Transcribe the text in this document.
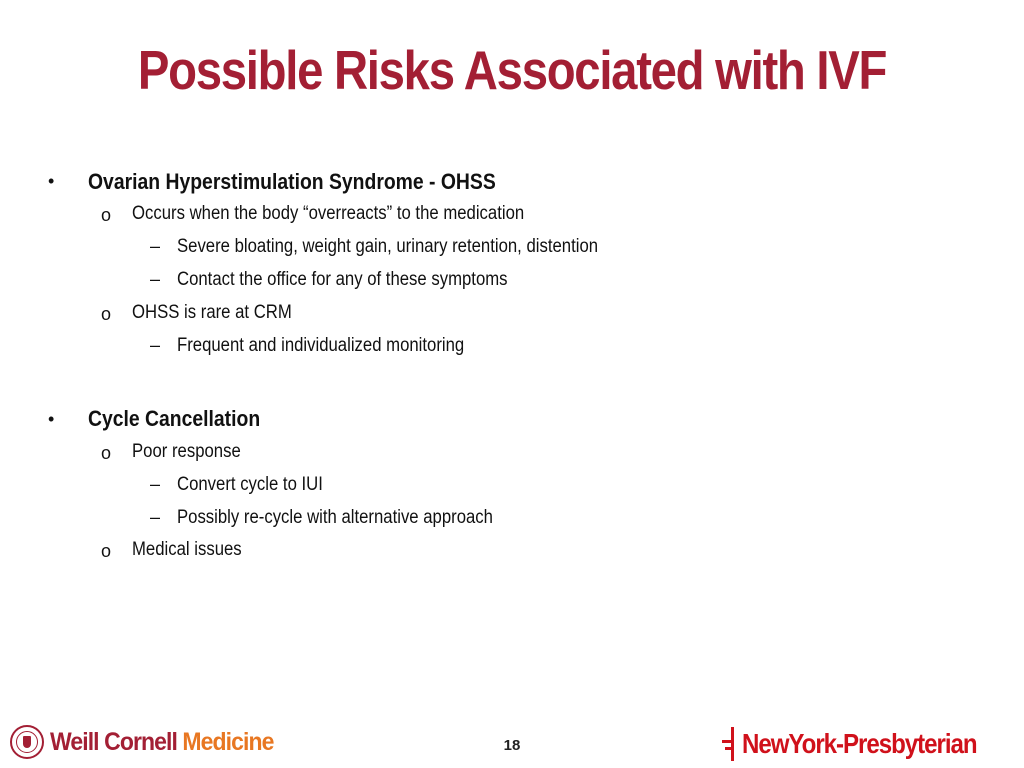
Possible Risks Associated with IVF
• Ovarian Hyperstimulation Syndrome - OHSS
o Occurs when the body “overreacts” to the medication
– Severe bloating, weight gain, urinary retention, distention
– Contact the office for any of these symptoms
o OHSS is rare at CRM
– Frequent and individualized monitoring
• Cycle Cancellation
o Poor response
– Convert cycle to IUI
– Possibly re-cycle with alternative approach
o Medical issues
Weill Cornell Medicine	18	NewYork-Presbyterian
